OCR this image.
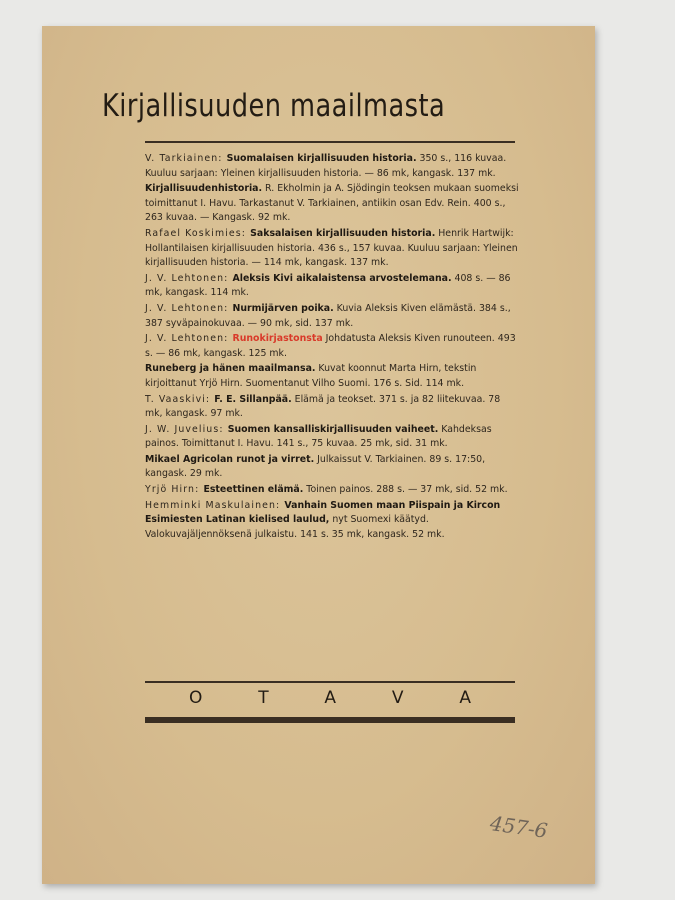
Kirjallisuuden maailmasta
V. Tarkiainen: Suomalaisen kirjallisuuden historia. 350 s., 116 kuvaa. Kuuluu sarjaan: Yleinen kirjallisuuden historia. — 86 mk, kangask. 137 mk.
Kirjallisuudenhistoria. R. Ekholmin ja A. Sjödingin teoksen mukaan suomeksi toimittanut I. Havu. Tarkastanut V. Tarkiainen, antiikin osan Edv. Rein. 400 s., 263 kuvaa. — Kangask. 92 mk.
Rafael Koskimies: Saksalaisen kirjallisuuden historia. Henrik Hartwijk: Hollantilaisen kirjallisuuden historia. 436 s., 157 kuvaa. Kuuluu sarjaan: Yleinen kirjallisuuden historia. — 114 mk, kangask. 137 mk.
J. V. Lehtonen: Aleksis Kivi aikalaistensa arvostelemana. 408 s. — 86 mk, kangask. 114 mk.
J. V. Lehtonen: Nurmijärven poika. Kuvia Aleksis Kiven elämästä. 384 s., 387 syväpainokuvaa. — 90 mk, sid. 137 mk.
J. V. Lehtonen: Runokirjastonsta Johdatusta Aleksis Kiven runouteen. 493 s. — 86 mk, kangask. 125 mk.
Runeberg ja hänen maailmansa. Kuvat koonnut Marta Hirn, tekstin kirjoittanut Yrjö Hirn. Suomentanut Vilho Suomi. 176 s. Sid. 114 mk.
T. Vaaskivi: F. E. Sillanpää. Elämä ja teokset. 371 s. ja 82 liitekuvaa. 78 mk, kangask. 97 mk.
J. W. Juvelius: Suomen kansalliskirjallisuuden vaiheet. Kahdeksas painos. Toimittanut I. Havu. 141 s., 75 kuvaa. 25 mk, sid. 31 mk.
Mikael Agricolan runot ja virret. Julkaissut V. Tarkiainen. 89 s. 17:50, kangask. 29 mk.
Yrjö Hirn: Esteettinen elämä. Toinen painos. 288 s. — 37 mk, sid. 52 mk.
Hemminki Maskulainen: Vanhain Suomen maan Piispain ja Kircon Esimiesten Latinan kielised laulud, nyt Suomexi käätyd. Valokuvajäljennöksenä julkaistu. 141 s. 35 mk, kangask. 52 mk.
O	T	A	V	A
457-6
